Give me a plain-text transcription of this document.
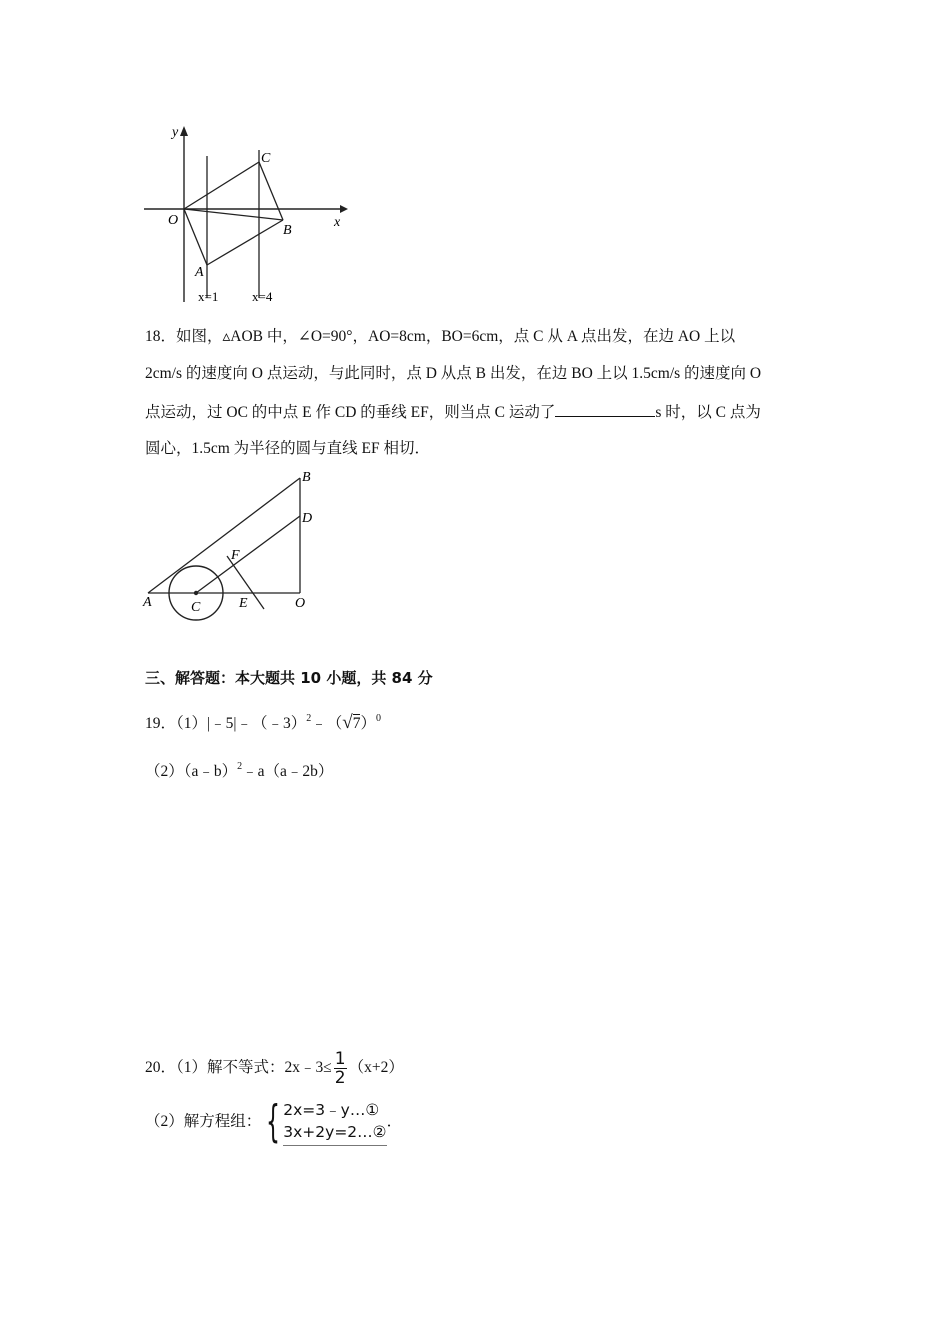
y
x
O
C
B
A
x=1	x=4
18．如图，▵AOB 中，∠O=90°，AO=8cm，BO=6cm，点 C 从 A 点出发，在边 AO 上以
2cm/s 的速度向 O 点运动，与此同时，点 D 从点 B 出发，在边 BO 上以 1.5cm/s 的速度向 O
点运动，过 OC 的中点 E 作 CD 的垂线 EF，则当点 C 运动了	s 时，以 C 点为
圆心，1.5cm 为半径的圆与直线 EF 相切．
A
B
D
F
C	E	O
三、解答题：本大题共 10 小题，共 84 分
19．$(1)|﹣5|﹣(﹣3)^2﹣(√7)^0$
（2）（a﹣b）$^2$﹣a（a﹣2b）
20．（1）解不等式：2x﹣3≤ $\frac{1}{2} (x+2)$
（2）解方程组： { 2x=3﹣y…①
3x+2y=2…②
．
